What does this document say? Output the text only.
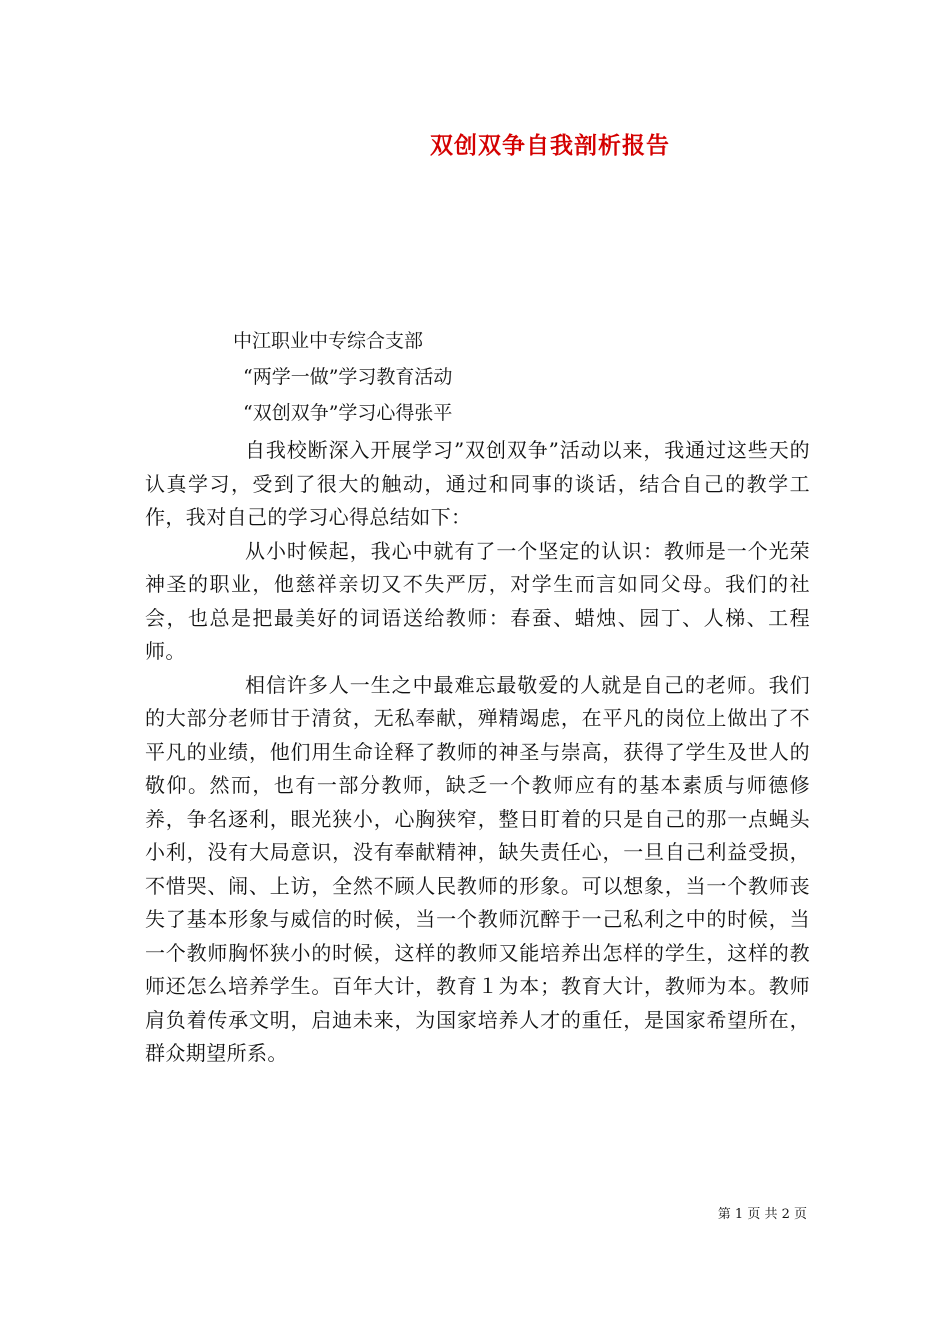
双创双争自我剖析报告
中江职业中专综合支部
“两学一做”学习教育活动
“双创双争”学习心得张平

自我校断深入开展学习”双创双争”活动以来，我通过这些天的认真学习，受到了很大的触动，通过和同事的谈话，结合自己的教学工作，我对自己的学习心得总结如下：

从小时候起，我心中就有了一个坚定的认识：教师是一个光荣神圣的职业，他慈祥亲切又不失严厉，对学生而言如同父母。我们的社会，也总是把最美好的词语送给教师：春蚕、蜡烛、园丁、人梯、工程师。

相信许多人一生之中最难忘最敬爱的人就是自己的老师。我们的大部分老师甘于清贫，无私奉献，殚精竭虑，在平凡的岗位上做出了不平凡的业绩，他们用生命诠释了教师的神圣与崇高，获得了学生及世人的敬仰。然而，也有一部分教师，缺乏一个教师应有的基本素质与师德修养，争名逐利，眼光狭小，心胸狭窄，整日盯着的只是自己的那一点蝇头小利，没有大局意识，没有奉献精神，缺失责任心，一旦自己利益受损，不惜哭、闹、上访，全然不顾人民教师的形象。可以想象，当一个教师丧失了基本形象与威信的时候，当一个教师沉醉于一己私利之中的时候，当一个教师胸怀狭小的时候，这样的教师又能培养出怎样的学生，这样的教师还怎么培养学生。百年大计，教育１为本；教育大计，教师为本。教师肩负着传承文明，启迪未来，为国家培养人才的重任，是国家希望所在，群众期望所系。

第 1 页 共 2 页
